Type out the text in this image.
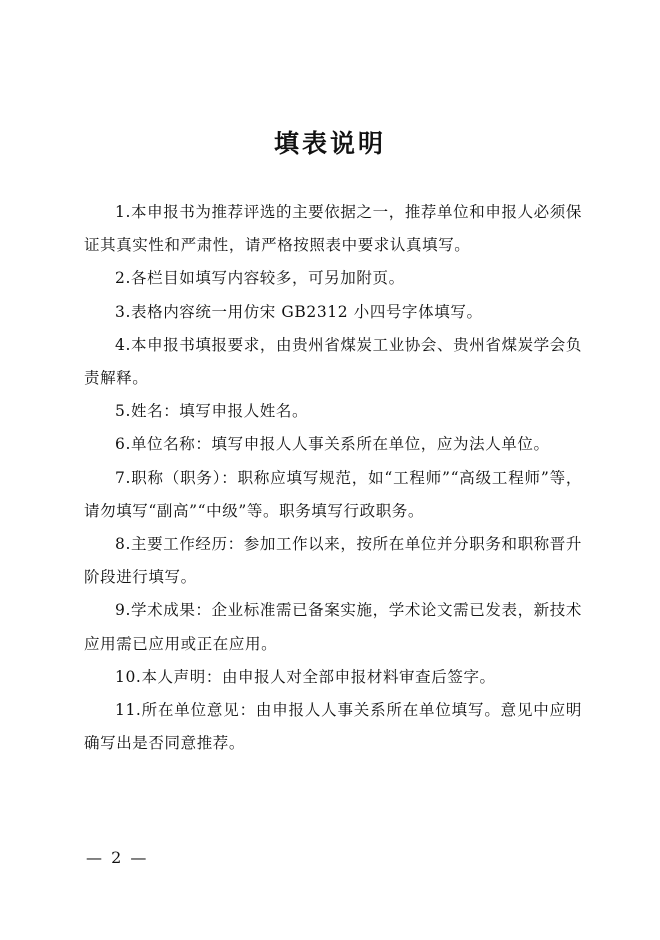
填表说明

1.本申报书为推荐评选的主要依据之一，推荐单位和申报人必须保证其真实性和严肃性，请严格按照表中要求认真填写。

2.各栏目如填写内容较多，可另加附页。

3.表格内容统一用仿宋 GB2312 小四号字体填写。

4.本申报书填报要求，由贵州省煤炭工业协会、贵州省煤炭学会负责解释。

5.姓名：填写申报人姓名。

6.单位名称：填写申报人人事关系所在单位，应为法人单位。

7.职称（职务）：职称应填写规范，如“工程师”“高级工程师”等，请勿填写“副高”“中级”等。职务填写行政职务。

8.主要工作经历：参加工作以来，按所在单位并分职务和职称晋升阶段进行填写。

9.学术成果：企业标准需已备案实施，学术论文需已发表，新技术应用需已应用或正在应用。

10.本人声明：由申报人对全部申报材料审查后签字。

11.所在单位意见：由申报人人事关系所在单位填写。意见中应明确写出是否同意推荐。

— 2 —
